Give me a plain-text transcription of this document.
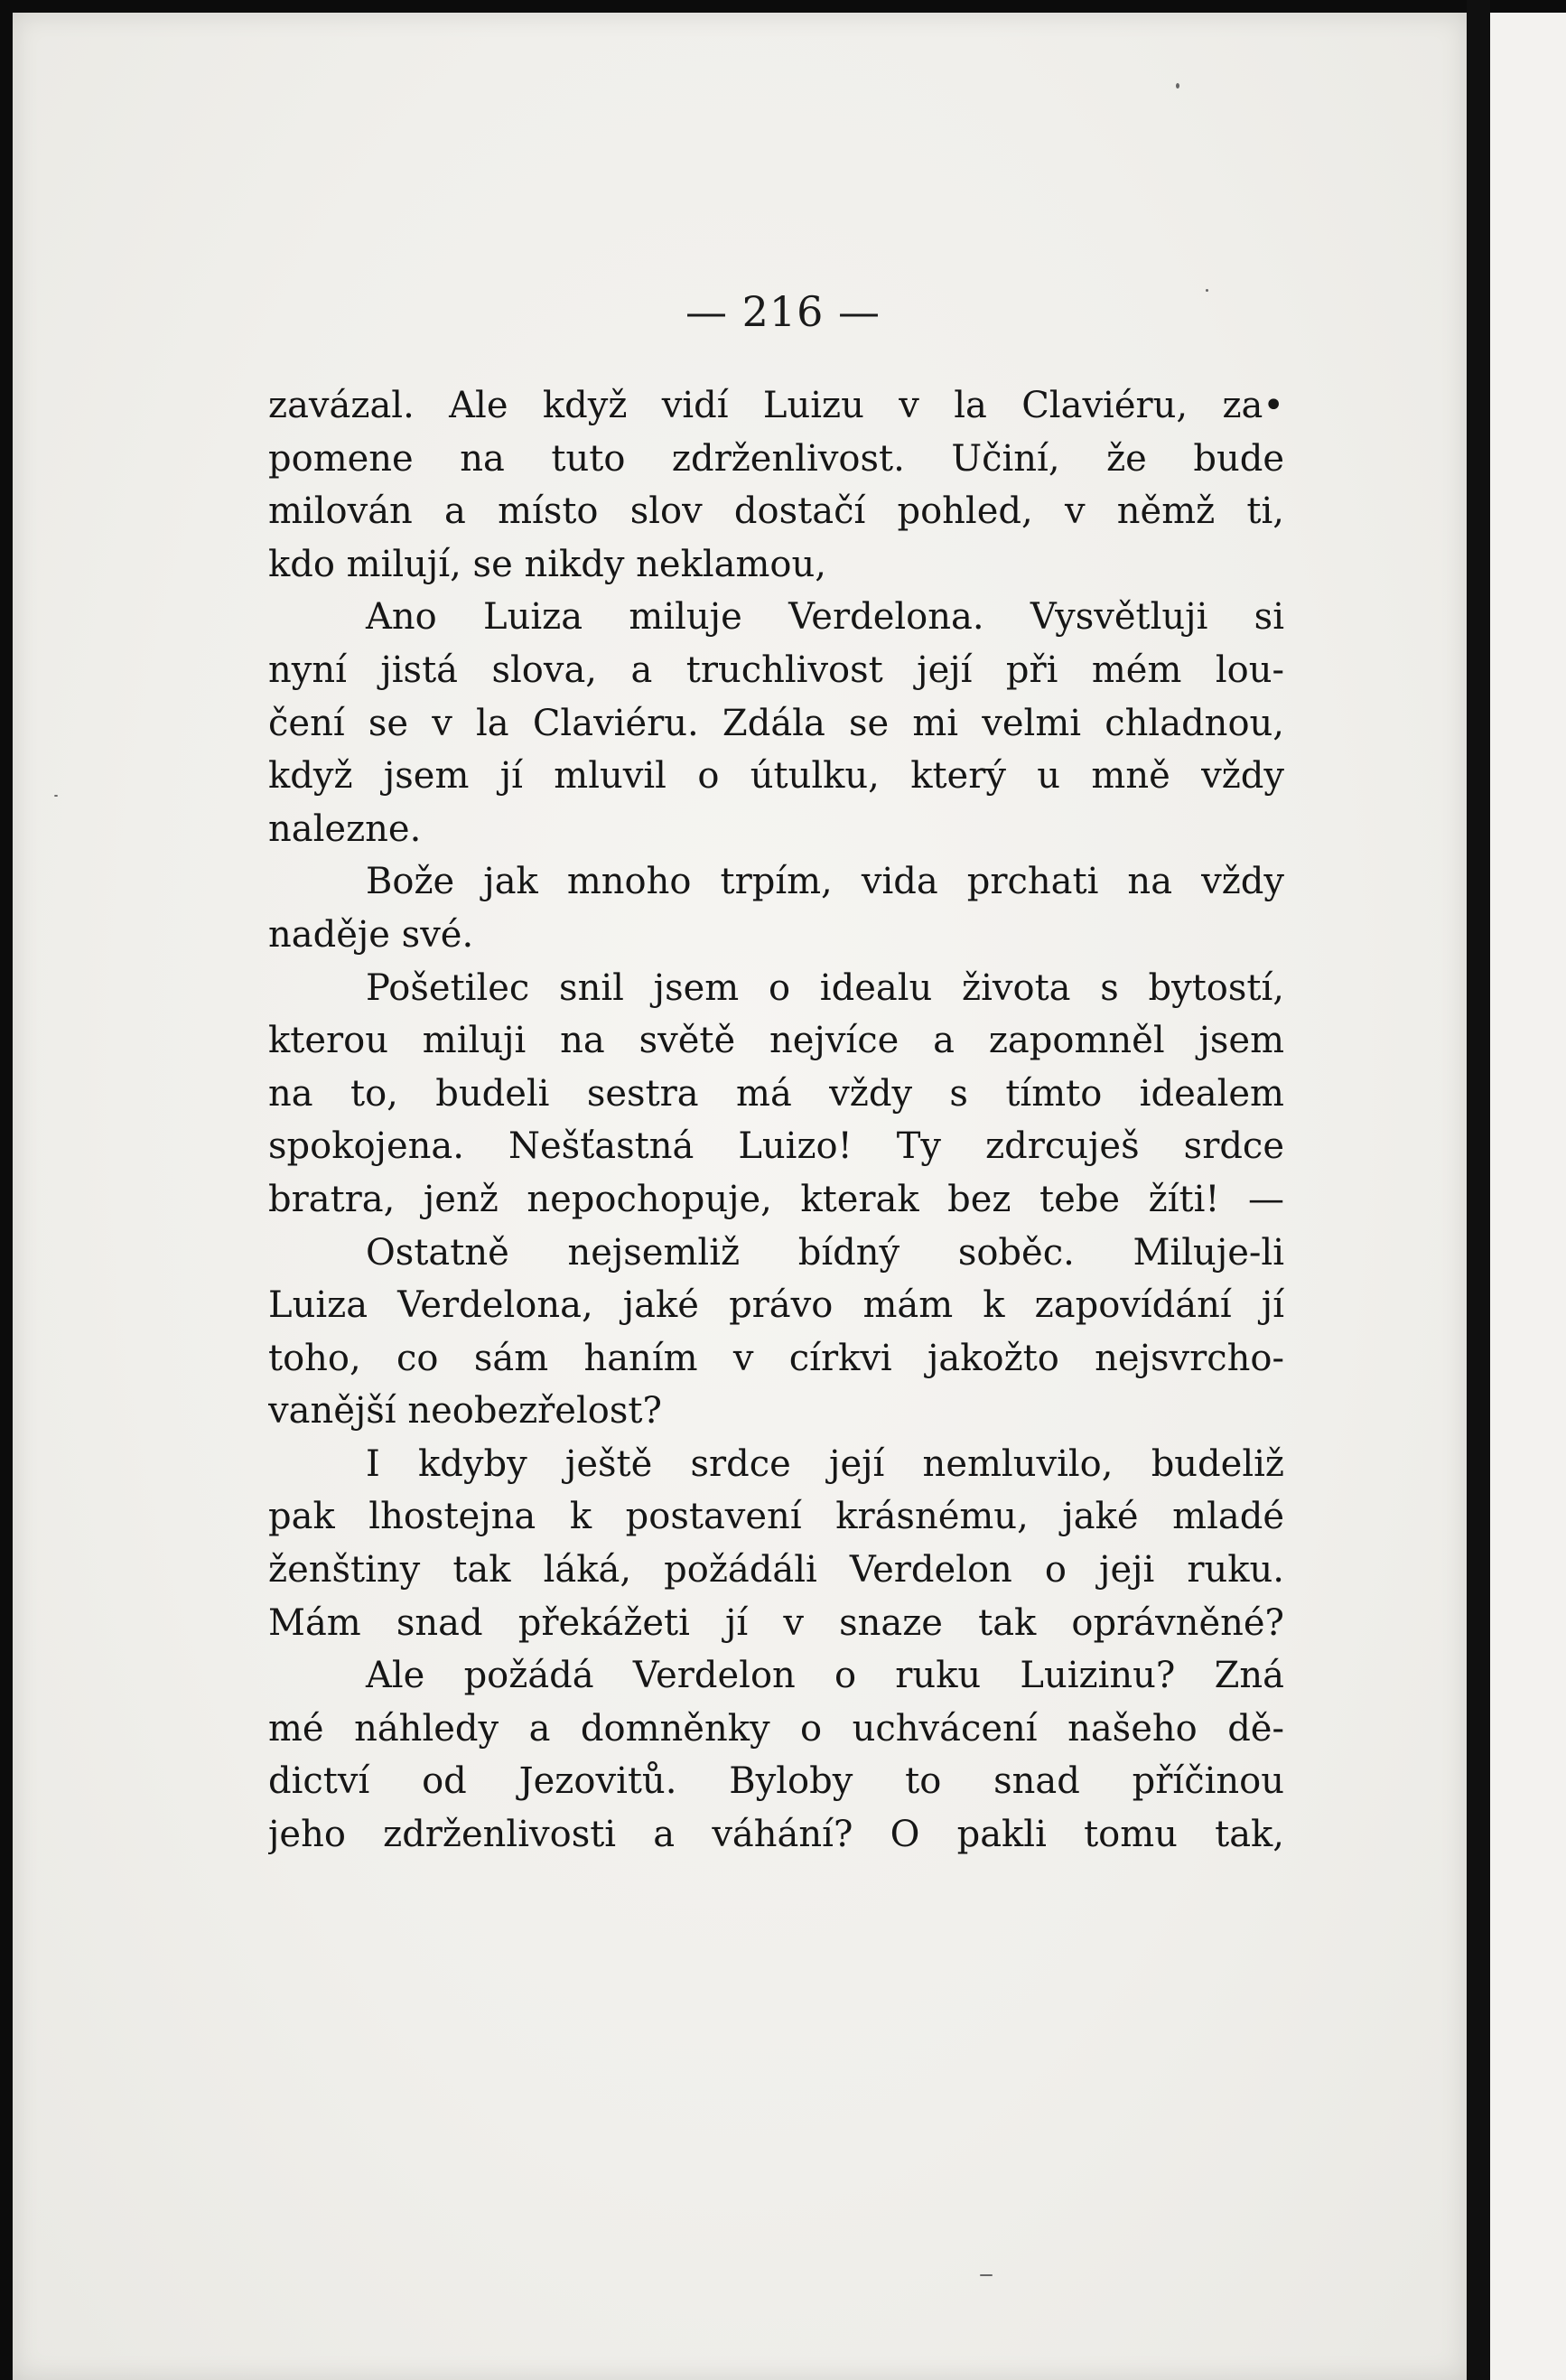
— 216 —
zavázal. Ale když vidí Luizu v la Claviéru, za•
pomene na tuto zdrženlivost. Učiní, že bude
milován a místo slov dostačí pohled, v němž ti,
kdo milují, se nikdy neklamou,
Ano Luiza miluje Verdelona. Vysvětluji si
nyní jistá slova, a truchlivost její při mém lou-
čení se v la Claviéru. Zdála se mi velmi chladnou,
když jsem jí mluvil o útulku, který u mně vždy
nalezne.
Bože jak mnoho trpím, vida prchati na vždy
naděje své.
Pošetilec snil jsem o idealu života s bytostí,
kterou miluji na světě nejvíce a zapomněl jsem
na to, budeli sestra má vždy s tímto idealem
spokojena. Nešťastná Luizo! Ty zdrcuješ srdce
bratra, jenž nepochopuje, kterak bez tebe žíti! —
Ostatně nejsemliž bídný soběc. Miluje-li
Luiza Verdelona, jaké právo mám k zapovídání jí
toho, co sám haním v církvi jakožto nejsvrcho-
vanější neobezřelost?
I kdyby ještě srdce její nemluvilo, budeliž
pak lhostejna k postavení krásnému, jaké mladé
ženštiny tak láká, požádáli Verdelon o jeji ruku.
Mám snad překážeti jí v snaze tak oprávněné?
Ale požádá Verdelon o ruku Luizinu? Zná
mé náhledy a domněnky o uchvácení našeho dě-
dictví od Jezovitů. Byloby to snad příčinou
jeho zdrženlivosti a váhání? O pakli tomu tak,
